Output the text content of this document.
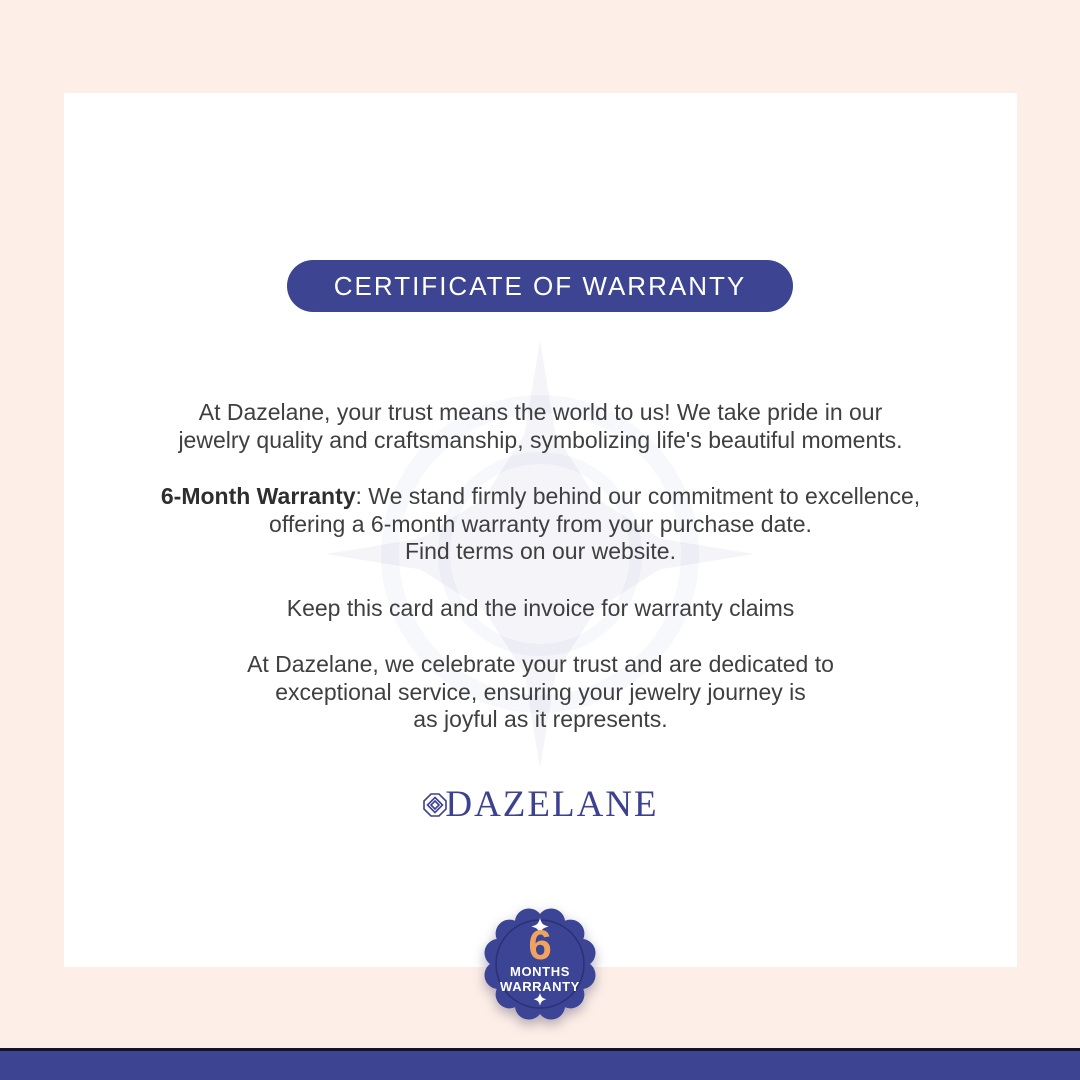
CERTIFICATE OF WARRANTY
At Dazelane, your trust means the world to us! We take pride in our
jewelry quality and craftsmanship, symbolizing life's beautiful moments.
6-Month Warranty: We stand firmly behind our commitment to excellence,
offering a 6-month warranty from your purchase date.
Find terms on our website.
Keep this card and the invoice for warranty claims
At Dazelane, we celebrate your trust and are dedicated to
exceptional service, ensuring your jewelry journey is
as joyful as it represents.
DAZELANE
6
MONTHS
WARRANTY
